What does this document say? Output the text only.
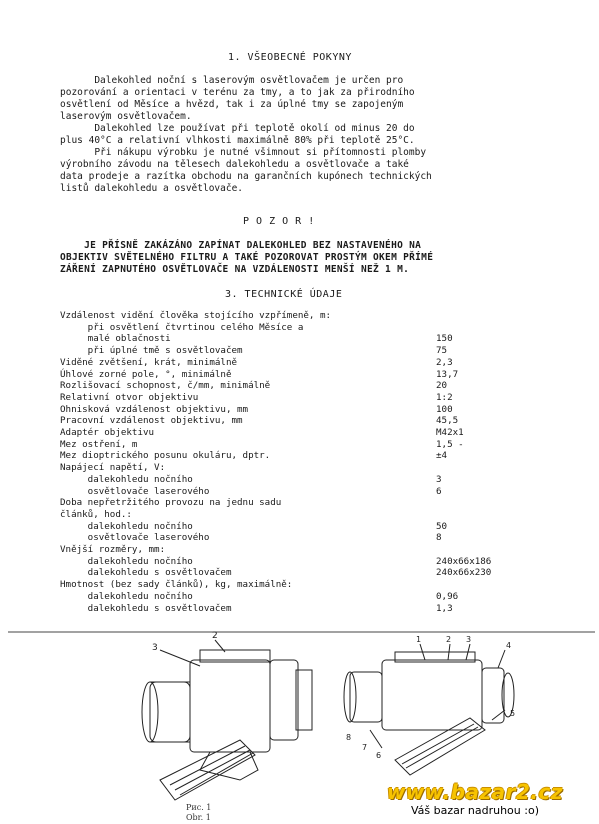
1. VŠEOBECNÉ POKYNY
Dalekohled noční s laserovým osvětlovačem je určen pro
pozorování a orientaci v terénu za tmy, a to jak za přirodního
osvětlení od Měsíce a hvězd, tak i za úplné tmy se zapojeným
laserovým osvětlovačem.
Dalekohled lze používat při teplotě okolí od minus 20 do
plus 40°C a relativní vlhkosti maximálně 80% při teplotě 25°C.
Při nákupu výrobku je nutné všimnout si přítomnosti plomby
výrobního závodu na tělesech dalekohledu a osvětlovače a také
data prodeje a razítka obchodu na garančních kupónech technických
listů dalekohledu a osvětlovače.
P O Z O R !
JE PŘÍSNĚ ZAKÁZÁNO ZAPÍNAT DALEKOHLED BEZ NASTAVENÉHO NA
OBJEKTIV SVĚTELNÉHO FILTRU A TAKÉ POZOROVAT PROSTÝM OKEM PŘÍMÉ
ZÁŘENÍ ZAPNUTÉHO OSVĚTLOVAČE NA VZDÁLENOSTI MENŠÍ NEŽ 1 M.
3. TECHNICKÉ ÚDAJE
Vzdálenost vidění člověka stojícího vzpřímeně, m:
při osvětlení čtvrtinou celého Měsíce a
malé oblačnosti	150
při úplné tmě s osvětlovačem	75
Viděné zvětšení, krát, minimálně	2,3
Úhlové zorné pole, °, minimálně	13,7
Rozlišovací schopnost, č/mm, minimálně	20
Relativní otvor objektivu	1:2
Ohnisková vzdálenost objektivu, mm	100
Pracovní vzdálenost objektivu, mm	45,5
Adaptér objektivu	M42x1
Mez ostření, m	1,5 -
Mez dioptrického posunu okuláru, dptr.	±4
Napájecí napětí, V:
dalekohledu nočního	3
osvětlovače laserového	6
Doba nepřetržitého provozu na jednu sadu
článků, hod.:
dalekohledu nočního	50
osvětlovače laserového	8
Vnější rozměry, mm:
dalekohledu nočního	240x66x186
dalekohledu s osvětlovačem	240x66x230
Hmotnost (bez sady článků), kg, maximálně:
dalekohledu nočního	0,96
dalekohledu s osvětlovačem	1,3
3
2	1	2 3
4
5
6
7
8
Рис. 1
Obr. 1
www.bazar2.cz
Váš bazar nadruhou :o)
